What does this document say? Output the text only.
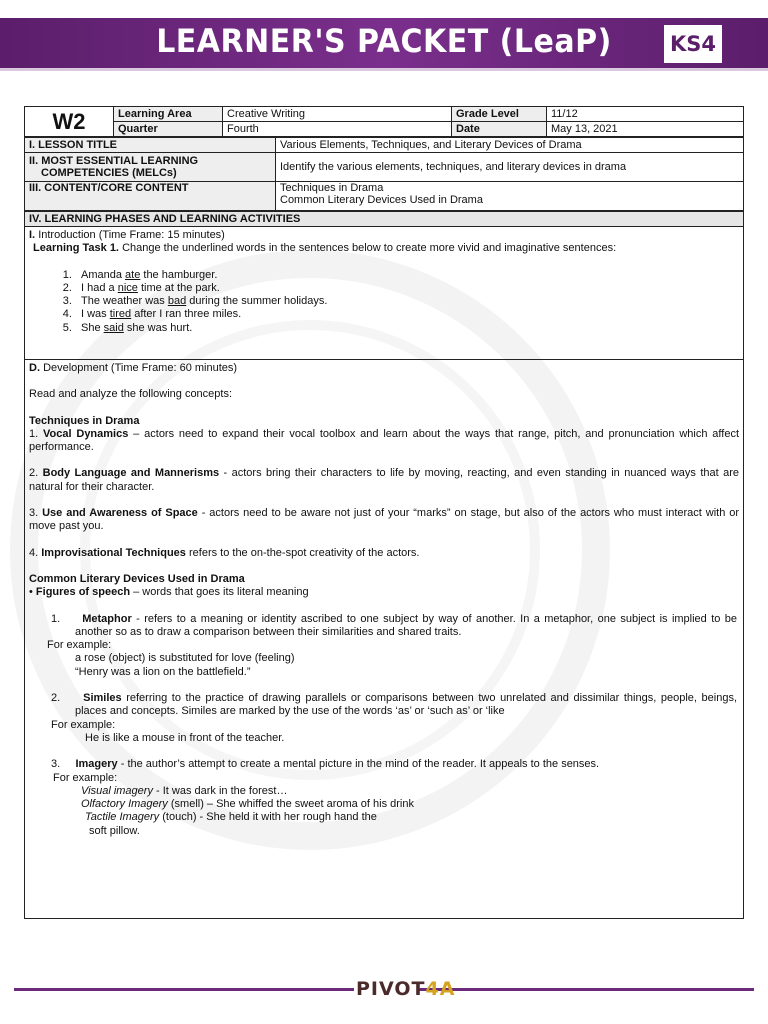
LEARNER'S PACKET (LeaP)	KS4
W2	Learning Area	Creative Writing	Grade Level	11/12
	Quarter	Fourth	Date	May 13, 2021
I. LESSON TITLE	Various Elements, Techniques, and Literary Devices of Drama

II. MOST ESSENTIAL LEARNING
COMPETENCIES (MELCs)	Identify the various elements, techniques, and literary devices in drama
III. CONTENT/CORE CONTENT	Techniques in Drama
Common Literary Devices Used in Drama
IV. LEARNING PHASES AND LEARNING ACTIVITIES

I. Introduction (Time Frame: 15 minutes)

Learning Task 1. Change the underlined words in the sentences below to create more vivid and imaginative sentences:

1. Amanda ate the hamburger.
2. I had a nice time at the park.
3. The weather was bad during the summer holidays.
4. I was tired after I ran three miles.
5. She said she was hurt.

D. Development (Time Frame: 60 minutes)

Read and analyze the following concepts:

Techniques in Drama

1. Vocal Dynamics – actors need to expand their vocal toolbox and learn about the ways that range, pitch, and pronunciation which affect performance.

2. Body Language and Mannerisms - actors bring their characters to life by moving, reacting, and even standing in nuanced ways that are natural for their character.

3. Use and Awareness of Space - actors need to be aware not just of your “marks” on stage, but also of the actors who must interact with or move past you.

4. Improvisational Techniques refers to the on-the-spot creativity of the actors.

Common Literary Devices Used in Drama

• Figures of speech – words that goes its literal meaning

1. Metaphor - refers to a meaning or identity ascribed to one subject by way of another. In a metaphor, one subject is implied to be another so as to draw a comparison between their similarities and shared traits.

For example:

a rose (object) is substituted for love (feeling)

“Henry was a lion on the battlefield.”

2. Similes referring to the practice of drawing parallels or comparisons between two unrelated and dissimilar things, people, beings, places and concepts. Similes are marked by the use of the words ‘as’ or ‘such as’ or ‘like

For example:

He is like a mouse in front of the teacher.

3. Imagery - the author’s attempt to create a mental picture in the mind of the reader. It appeals to the senses.

For example:

Visual imagery - It was dark in the forest…

Olfactory Imagery (smell) – She whiffed the sweet aroma of his drink

Tactile Imagery (touch) - She held it with her rough hand the

soft pillow.

PIVOT4A
